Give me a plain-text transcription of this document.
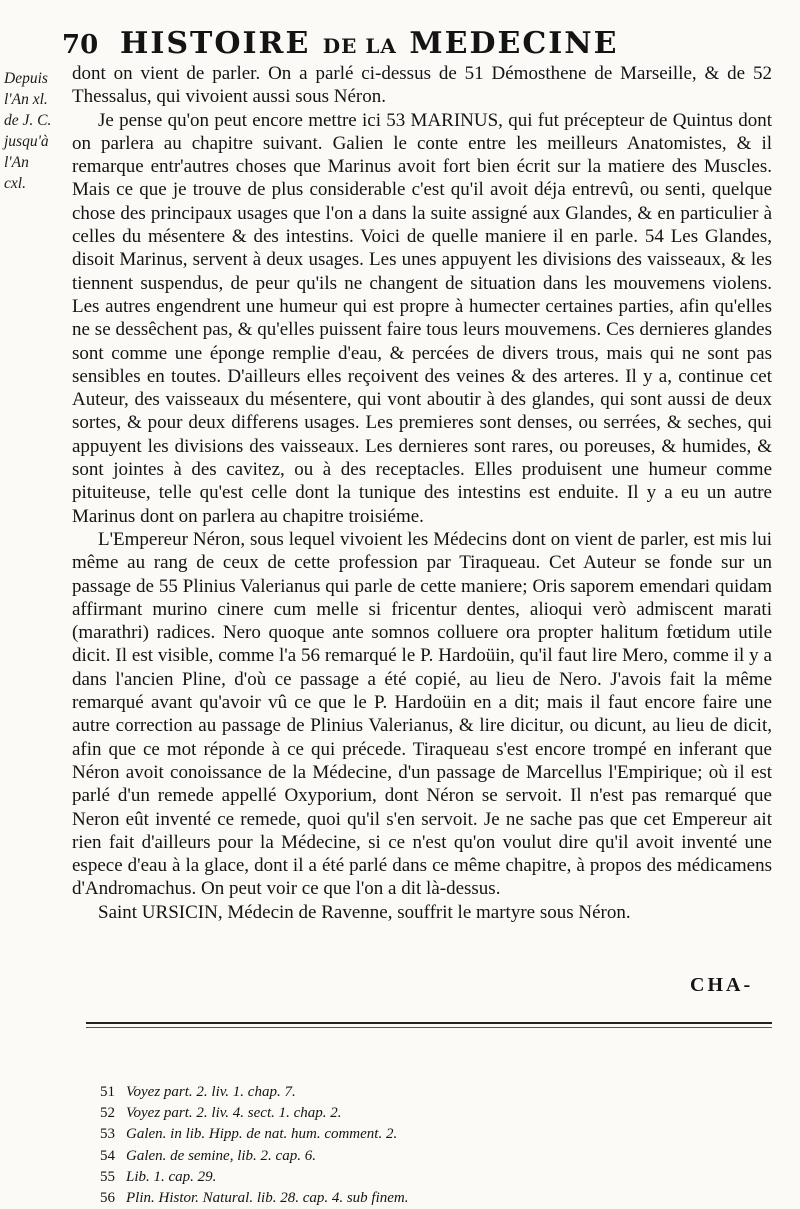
70 HISTOIRE DE LA MEDECINE
Depuis
l'An xl.
de J. C.
jusqu'à
l'An
cxl.

dont on vient de parler. On a parlé ci-dessus de 51 Démosthene de Marseille, & de 52 Thessalus, qui vivoient aussi sous Néron.

Je pense qu'on peut encore mettre ici 53 MARINUS, qui fut précepteur de Quintus dont on parlera au chapitre suivant. Galien le conte entre les meilleurs Anatomistes, & il remarque entr'autres choses que Marinus avoit fort bien écrit sur la matiere des Muscles. Mais ce que je trouve de plus considerable c'est qu'il avoit déja entrevû, ou senti, quelque chose des principaux usages que l'on a dans la suite assigné aux Glandes, & en particulier à celles du mésentere & des intestins. Voici de quelle maniere il en parle. 54 Les Glandes, disoit Marinus, servent à deux usages. Les unes appuyent les divisions des vaisseaux, & les tiennent suspendus, de peur qu'ils ne changent de situation dans les mouvemens violens. Les autres engendrent une humeur qui est propre à humecter certaines parties, afin qu'elles ne se dessêchent pas, & qu'elles puissent faire tous leurs mouvemens. Ces dernieres glandes sont comme une éponge remplie d'eau, & percées de divers trous, mais qui ne sont pas sensibles en toutes. D'ailleurs elles reçoivent des veines & des arteres. Il y a, continue cet Auteur, des vaisseaux du mésentere, qui vont aboutir à des glandes, qui sont aussi de deux sortes, & pour deux differens usages. Les premieres sont denses, ou serrées, & seches, qui appuyent les divisions des vaisseaux. Les dernieres sont rares, ou poreuses, & humides, & sont jointes à des cavitez, ou à des receptacles. Elles produisent une humeur comme pituiteuse, telle qu'est celle dont la tunique des intestins est enduite. Il y a eu un autre Marinus dont on parlera au chapitre troisiéme.

L'Empereur Néron, sous lequel vivoient les Médecins dont on vient de parler, est mis lui même au rang de ceux de cette profession par Tiraqueau. Cet Auteur se fonde sur un passage de 55 Plinius Valerianus qui parle de cette maniere; Oris saporem emendari quidam affirmant murino cinere cum melle si fricentur dentes, alioqui verò admiscent marati (marathri) radices. Nero quoque ante somnos colluere ora propter halitum fœtidum utile dicit. Il est visible, comme l'a 56 remarqué le P. Hardoüin, qu'il faut lire Mero, comme il y a dans l'ancien Pline, d'où ce passage a été copié, au lieu de Nero. J'avois fait la même remarqué avant qu'avoir vû ce que le P. Hardoüin en a dit; mais il faut encore faire une autre correction au passage de Plinius Valerianus, & lire dicitur, ou dicunt, au lieu de dicit, afin que ce mot réponde à ce qui précede. Tiraqueau s'est encore trompé en inferant que Néron avoit conoissance de la Médecine, d'un passage de Marcellus l'Empirique; où il est parlé d'un remede appellé Oxyporium, dont Néron se servoit. Il n'est pas remarqué que Neron eût inventé ce remede, quoi qu'il s'en servoit. Je ne sache pas que cet Empereur ait rien fait d'ailleurs pour la Médecine, si ce n'est qu'on voulut dire qu'il avoit inventé une espece d'eau à la glace, dont il a été parlé dans ce même chapitre, à propos des médicamens d'Andromachus. On peut voir ce que l'on a dit là-dessus.

Saint URSICIN, Médecin de Ravenne, souffrit le martyre sous Néron.

CHA-
51 Voyez part. 2. liv. 1. chap. 7.
52 Voyez part. 2. liv. 4. sect. 1. chap. 2.
53 Galen. in lib. Hipp. de nat. hum. comment. 2.
54 Galen. de semine, lib. 2. cap. 6.
55 Lib. 1. cap. 29.
56 Plin. Histor. Natural. lib. 28. cap. 4. sub finem.
